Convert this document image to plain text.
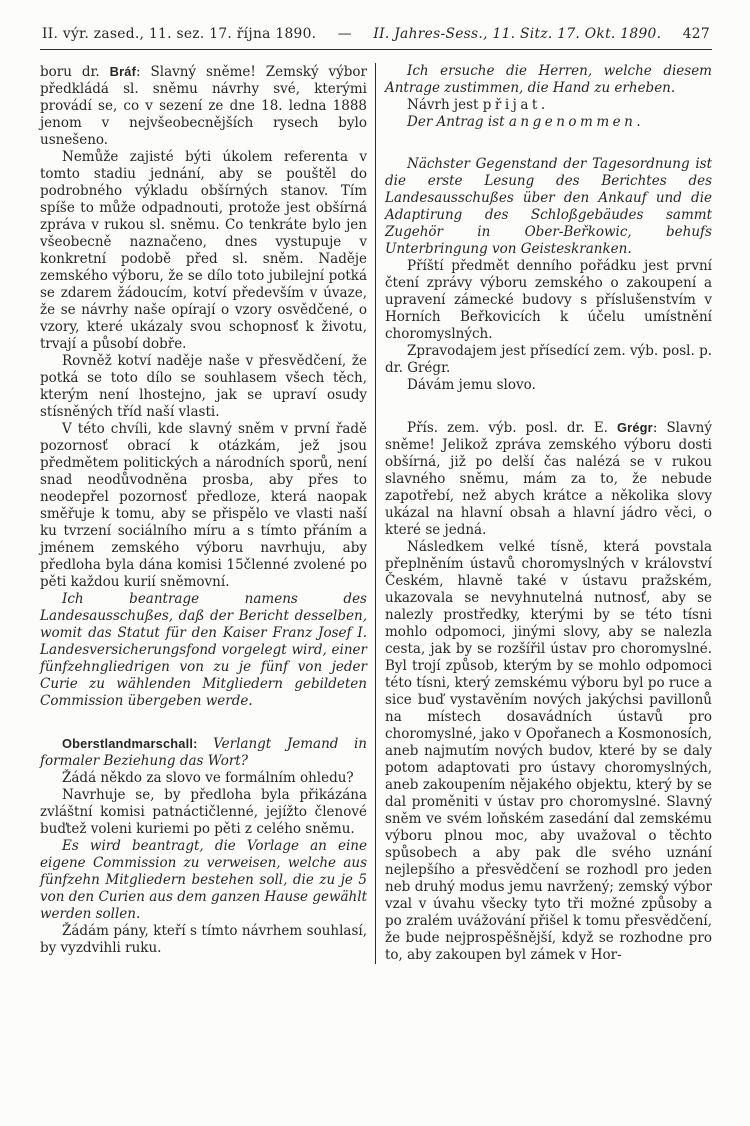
II. výr. zased., 11. sez. 17. října 1890. — II. Jahres-Sess., 11. Sitz. 17. Okt. 1890. 427

boru dr. Bráf: Slavný sněme! Zemský výbor předkládá sl. sněmu návrhy své, kterými provádí se, co v sezení ze dne 18. ledna 1888 jenom v nejvšeobecnějších rysech bylo usnešeno.

Nemůže zajisté býti úkolem referenta v tomto stadiu jednání, aby se pouštěl do podrobného výkladu obšírných stanov. Tím spíše to může odpadnouti, protože jest obšírná zpráva v rukou sl. sněmu. Co tenkráte bylo jen všeobecně naznačeno, dnes vystupuje v konkretní podobě před sl. sněm. Naděje zemského výboru, že se dílo toto jubilejní potká se zdarem žádoucím, kotví především v úvaze, že se návrhy naše opírají o vzory osvědčené, o vzory, které ukázaly svou schopnosť k životu, trvají a působí dobře.

Rovněž kotví naděje naše v přesvědčení, že potká se toto dílo se souhlasem všech těch, kterým není lhostejno, jak se upraví osudy stísněných tříd naší vlasti.

V této chvíli, kde slavný sněm v první řadě pozornosť obrací k otázkám, jež jsou předmětem politických a národních sporů, není snad neodůvodněna prosba, aby přes to neodepřel pozornosť předloze, která naopak směřuje k tomu, aby se přispělo ve vlasti naší ku tvrzení sociálního míru a s tímto přáním a jménem zemského výboru navrhuju, aby předloha byla dána komisi 15členné zvolené po pěti každou kurií sněmovní.

Ich beantrage namens des Landesausschußes, daß der Bericht desselben, womit das Statut für den Kaiser Franz Josef I. Landesversicherungsfond vorgelegt wird, einer fünfzehngliedrigen von zu je fünf von jeder Curie zu wählenden Mitgliedern gebildeten Commission übergeben werde.

Oberstlandmarschall: Verlangt Jemand in formaler Beziehung das Wort?

Žádá někdo za slovo ve formálním ohledu?

Navrhuje se, by předloha byla přikázána zvláštní komisi patnáctičlenné, jejížto členové buďtež voleni kuriemi po pěti z celého sněmu.

Es wird beantragt, die Vorlage an eine eigene Commission zu verweisen, welche aus fünfzehn Mitgliedern bestehen soll, die zu je 5 von den Curien aus dem ganzen Hause gewählt werden sollen.

Žádám pány, kteří s tímto návrhem souhlasí, by vyzdvihli ruku.

Ich ersuche die Herren, welche diesem Antrage zustimmen, die Hand zu erheben.

Návrh jest přijat.

Der Antrag ist angenommen.

Nächster Gegenstand der Tagesordnung ist die erste Lesung des Berichtes des Landesausschußes über den Ankauf und die Adaptirung des Schloßgebäudes sammt Zugehör in Ober-Beřkowic, behufs Unterbringung von Geisteskranken.

Příští předmět denního pořádku jest první čtení zprávy výboru zemského o zakoupení a upravení zámecké budovy s příslušenstvím v Horních Beřkovicích k účelu umístnění choromyslných.

Zpravodajem jest přísedící zem. výb. posl. p. dr. Grégr.

Dávám jemu slovo.

Přís. zem. výb. posl. dr. E. Grégr: Slavný sněme! Jelikož zpráva zemského výboru dosti obšírná, již po delší čas nalézá se v rukou slavného sněmu, mám za to, že nebude zapotřebí, než abych krátce a několika slovy ukázal na hlavní obsah a hlavní jádro věci, o které se jedná.

Následkem velké tísně, která povstala přeplněním ústavů choromyslných v království Českém, hlavně také v ústavu pražském, ukazovala se nevyhnutelná nutnosť, aby se nalezly prostředky, kterými by se této tísni mohlo odpomoci, jinými slovy, aby se nalezla cesta, jak by se rozšířil ústav pro choromyslné. Byl trojí způsob, kterým by se mohlo odpomoci této tísni, který zemskému výboru byl po ruce a sice buď vystavěním nových jakýchsi pavillonů na místech dosavádních ústavů pro choromyslné, jako v Opořanech a Kosmonosích, aneb najmutím nových budov, které by se daly potom adaptovati pro ústavy choromyslných, aneb zakoupením nějakého objektu, který by se dal proměniti v ústav pro choromyslné. Slavný sněm ve svém loňském zasedání dal zemskému výboru plnou moc, aby uvažoval o těchto spůsobech a aby pak dle svého uznání nejlepšího a přesvědčení se rozhodl pro jeden neb druhý modus jemu navržený; zemský výbor vzal v úvahu všecky tyto tři možné způsoby a po zralém uvážování přišel k tomu přesvědčení, že bude nejprospěšnější, když se rozhodne pro to, aby zakoupen byl zámek v Hor-
